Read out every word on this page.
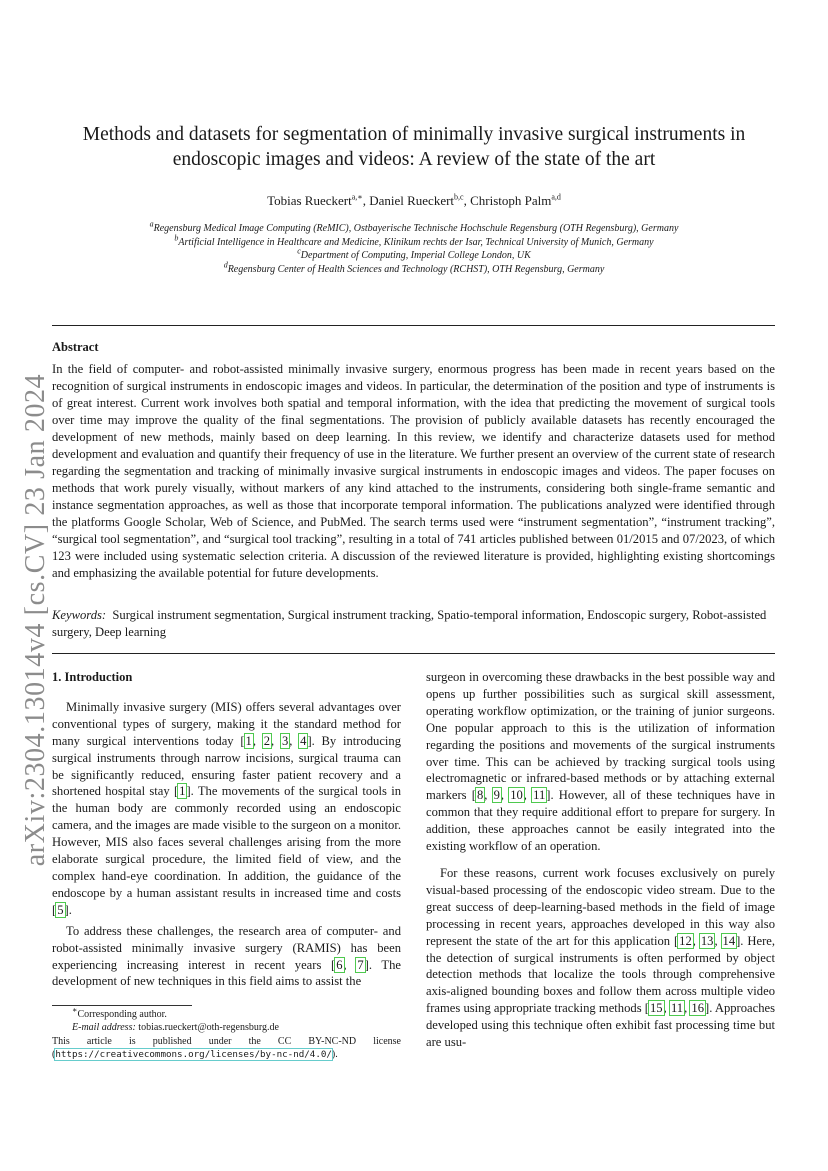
arXiv:2304.13014v4 [cs.CV] 23 Jan 2024
Methods and datasets for segmentation of minimally invasive surgical instruments in endoscopic images and videos: A review of the state of the art
Tobias Rueckert$^{a,∗}$, Daniel Rueckert$^{b,c}$, Christoph Palm$^{a,d}$
$^a$Regensburg Medical Image Computing (ReMIC), Ostbayerische Technische Hochschule Regensburg (OTH Regensburg), Germany
$^b$Artificial Intelligence in Healthcare and Medicine, Klinikum rechts der Isar, Technical University of Munich, Germany
$^c$Department of Computing, Imperial College London, UK
$^d$Regensburg Center of Health Sciences and Technology (RCHST), OTH Regensburg, Germany
Abstract
In the field of computer- and robot-assisted minimally invasive surgery, enormous progress has been made in recent years based on the recognition of surgical instruments in endoscopic images and videos. In particular, the determination of the position and type of instruments is of great interest. Current work involves both spatial and temporal information, with the idea that predicting the movement of surgical tools over time may improve the quality of the final segmentations. The provision of publicly available datasets has recently encouraged the development of new methods, mainly based on deep learning. In this review, we identify and characterize datasets used for method development and evaluation and quantify their frequency of use in the literature. We further present an overview of the current state of research regarding the segmentation and tracking of minimally invasive surgical instruments in endoscopic images and videos. The paper focuses on methods that work purely visually, without markers of any kind attached to the instruments, considering both single-frame semantic and instance segmentation approaches, as well as those that incorporate temporal information. The publications analyzed were identified through the platforms Google Scholar, Web of Science, and PubMed. The search terms used were “instrument segmentation”, “instrument tracking”, “surgical tool segmentation”, and “surgical tool tracking”, resulting in a total of 741 articles published between 01/2015 and 07/2023, of which 123 were included using systematic selection criteria. A discussion of the reviewed literature is provided, highlighting existing shortcomings and emphasizing the available potential for future developments.
Keywords: Surgical instrument segmentation, Surgical instrument tracking, Spatio-temporal information, Endoscopic surgery, Robot-assisted surgery, Deep learning
1. Introduction

Minimally invasive surgery (MIS) offers several advantages over conventional types of surgery, making it the standard method for many surgical interventions today [1, 2, 3, 4]. By introducing surgical instruments through narrow incisions, surgical trauma can be significantly reduced, ensuring faster patient recovery and a shortened hospital stay [1]. The movements of the surgical tools in the human body are commonly recorded using an endoscopic camera, and the images are made visible to the surgeon on a monitor. However, MIS also faces several challenges arising from the more elaborate surgical procedure, the limited field of view, and the complex hand-eye coordination. In addition, the guidance of the endoscope by a human assistant results in increased time and costs [5].

To address these challenges, the research area of computer- and robot-assisted minimally invasive surgery (RAMIS) has been experiencing increasing interest in recent years [6, 7]. The development of new techniques in this field aims to assist the

surgeon in overcoming these drawbacks in the best possible way and opens up further possibilities such as surgical skill assessment, operating workflow optimization, or the training of junior surgeons. One popular approach to this is the utilization of information regarding the positions and movements of the surgical instruments over time. This can be achieved by tracking surgical tools using electromagnetic or infrared-based methods or by attaching external markers [8, 9, 10, 11]. However, all of these techniques have in common that they require additional effort to prepare for surgery. In addition, these approaches cannot be easily integrated into the existing workflow of an operation.

For these reasons, current work focuses exclusively on purely visual-based processing of the endoscopic video stream. Due to the great success of deep-learning-based methods in the field of image processing in recent years, approaches developed in this way also represent the state of the art for this application [12, 13, 14]. Here, the detection of surgical instruments is often performed by object detection methods that localize the tools through comprehensive axis-aligned bounding boxes and follow them across multiple video frames using appropriate tracking methods [15, 11, 16]. Approaches developed using this technique often exhibit fast processing time but are usu-

∗Corresponding author.
E-mail address: tobias.rueckert@oth-regensburg.de
This article is published under the CC BY-NC-ND license (https://creativecommons.org/licenses/by-nc-nd/4.0/).
